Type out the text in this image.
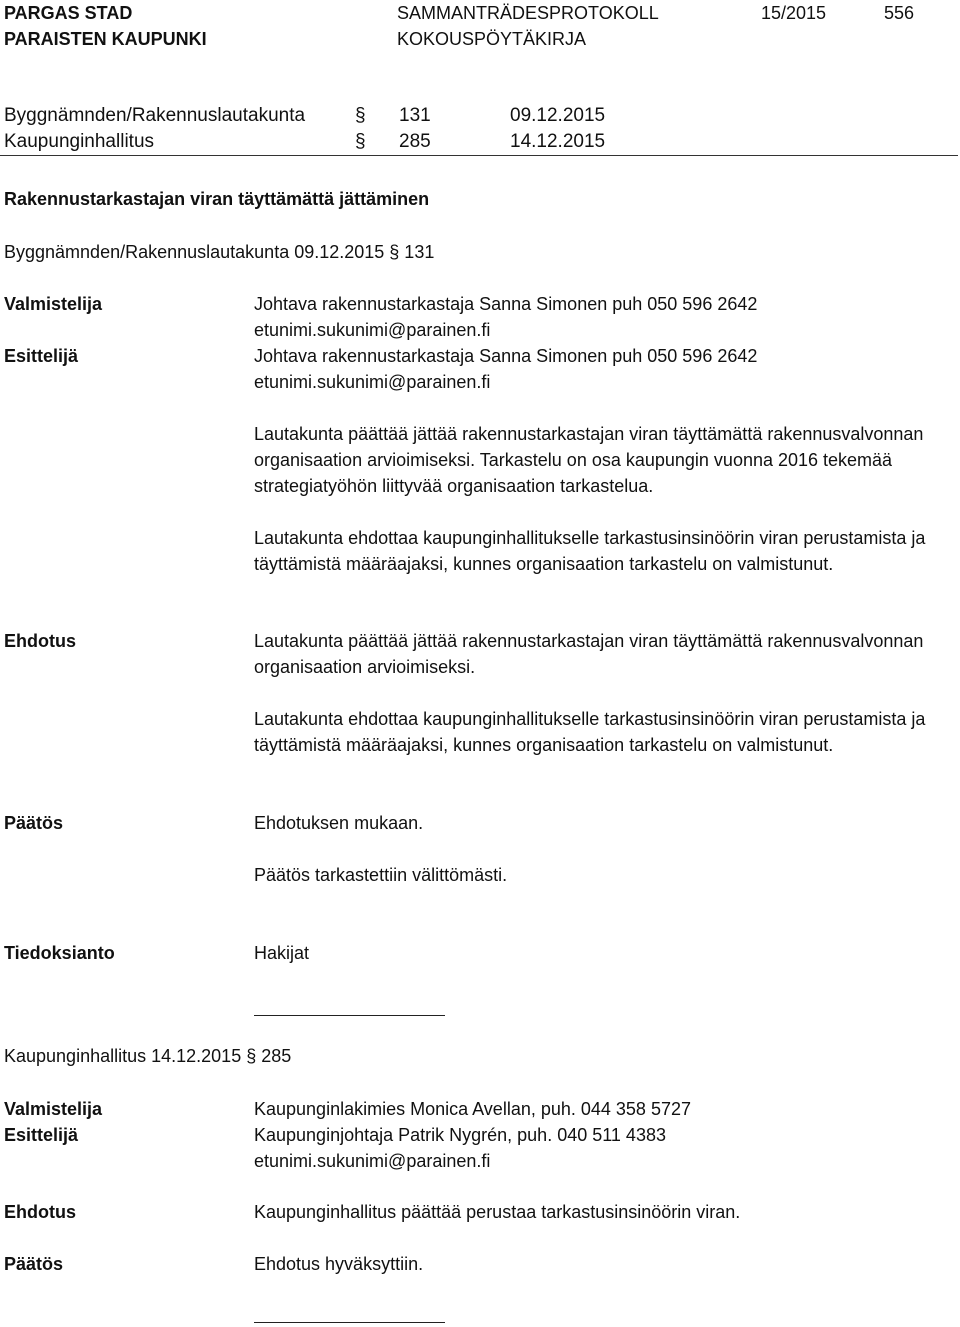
PARGAS STAD
PARAISTEN KAUPUNKI
SAMMANTRÄDESPROTOKOLL
KOKOUSPÖYTÄKIRJA
15/2015	556
Byggnämnden/Rakennuslautakunta	§ 131	09.12.2015
Kaupunginhallitus	§ 285	14.12.2015
Rakennustarkastajan viran täyttämättä jättäminen
Byggnämnden/Rakennuslautakunta 09.12.2015 § 131
Valmistelija	Johtava rakennustarkastaja Sanna Simonen puh 050 596 2642
etunimi.sukunimi@parainen.fi
Esittelijä	Johtava rakennustarkastaja Sanna Simonen puh 050 596 2642
etunimi.sukunimi@parainen.fi
Lautakunta päättää jättää rakennustarkastajan viran täyttämättä rakennusvalvonnan organisaation arvioimiseksi. Tarkastelu on osa kaupungin vuonna 2016 tekemää strategiatyöhön liittyvää organisaation tarkastelua.
Lautakunta ehdottaa kaupunginhallitukselle tarkastusinsinöörin viran perustamista ja täyttämistä määräajaksi, kunnes organisaation tarkastelu on valmistunut.
Ehdotus	Lautakunta päättää jättää rakennustarkastajan viran täyttämättä rakennusvalvonnan organisaation arvioimiseksi.
Lautakunta ehdottaa kaupunginhallitukselle tarkastusinsinöörin viran perustamista ja täyttämistä määräajaksi, kunnes organisaation tarkastelu on valmistunut.
Päätös	Ehdotuksen mukaan.
Päätös tarkastettiin välittömästi.
Tiedoksianto	Hakijat
Kaupunginhallitus 14.12.2015 § 285
Valmistelija	Kaupunginlakimies Monica Avellan, puh. 044 358 5727
Esittelijä	Kaupunginjohtaja Patrik Nygrén, puh. 040 511 4383
etunimi.sukunimi@parainen.fi
Ehdotus	Kaupunginhallitus päättää perustaa tarkastusinsinöörin viran.
Päätös	Ehdotus hyväksyttiin.
